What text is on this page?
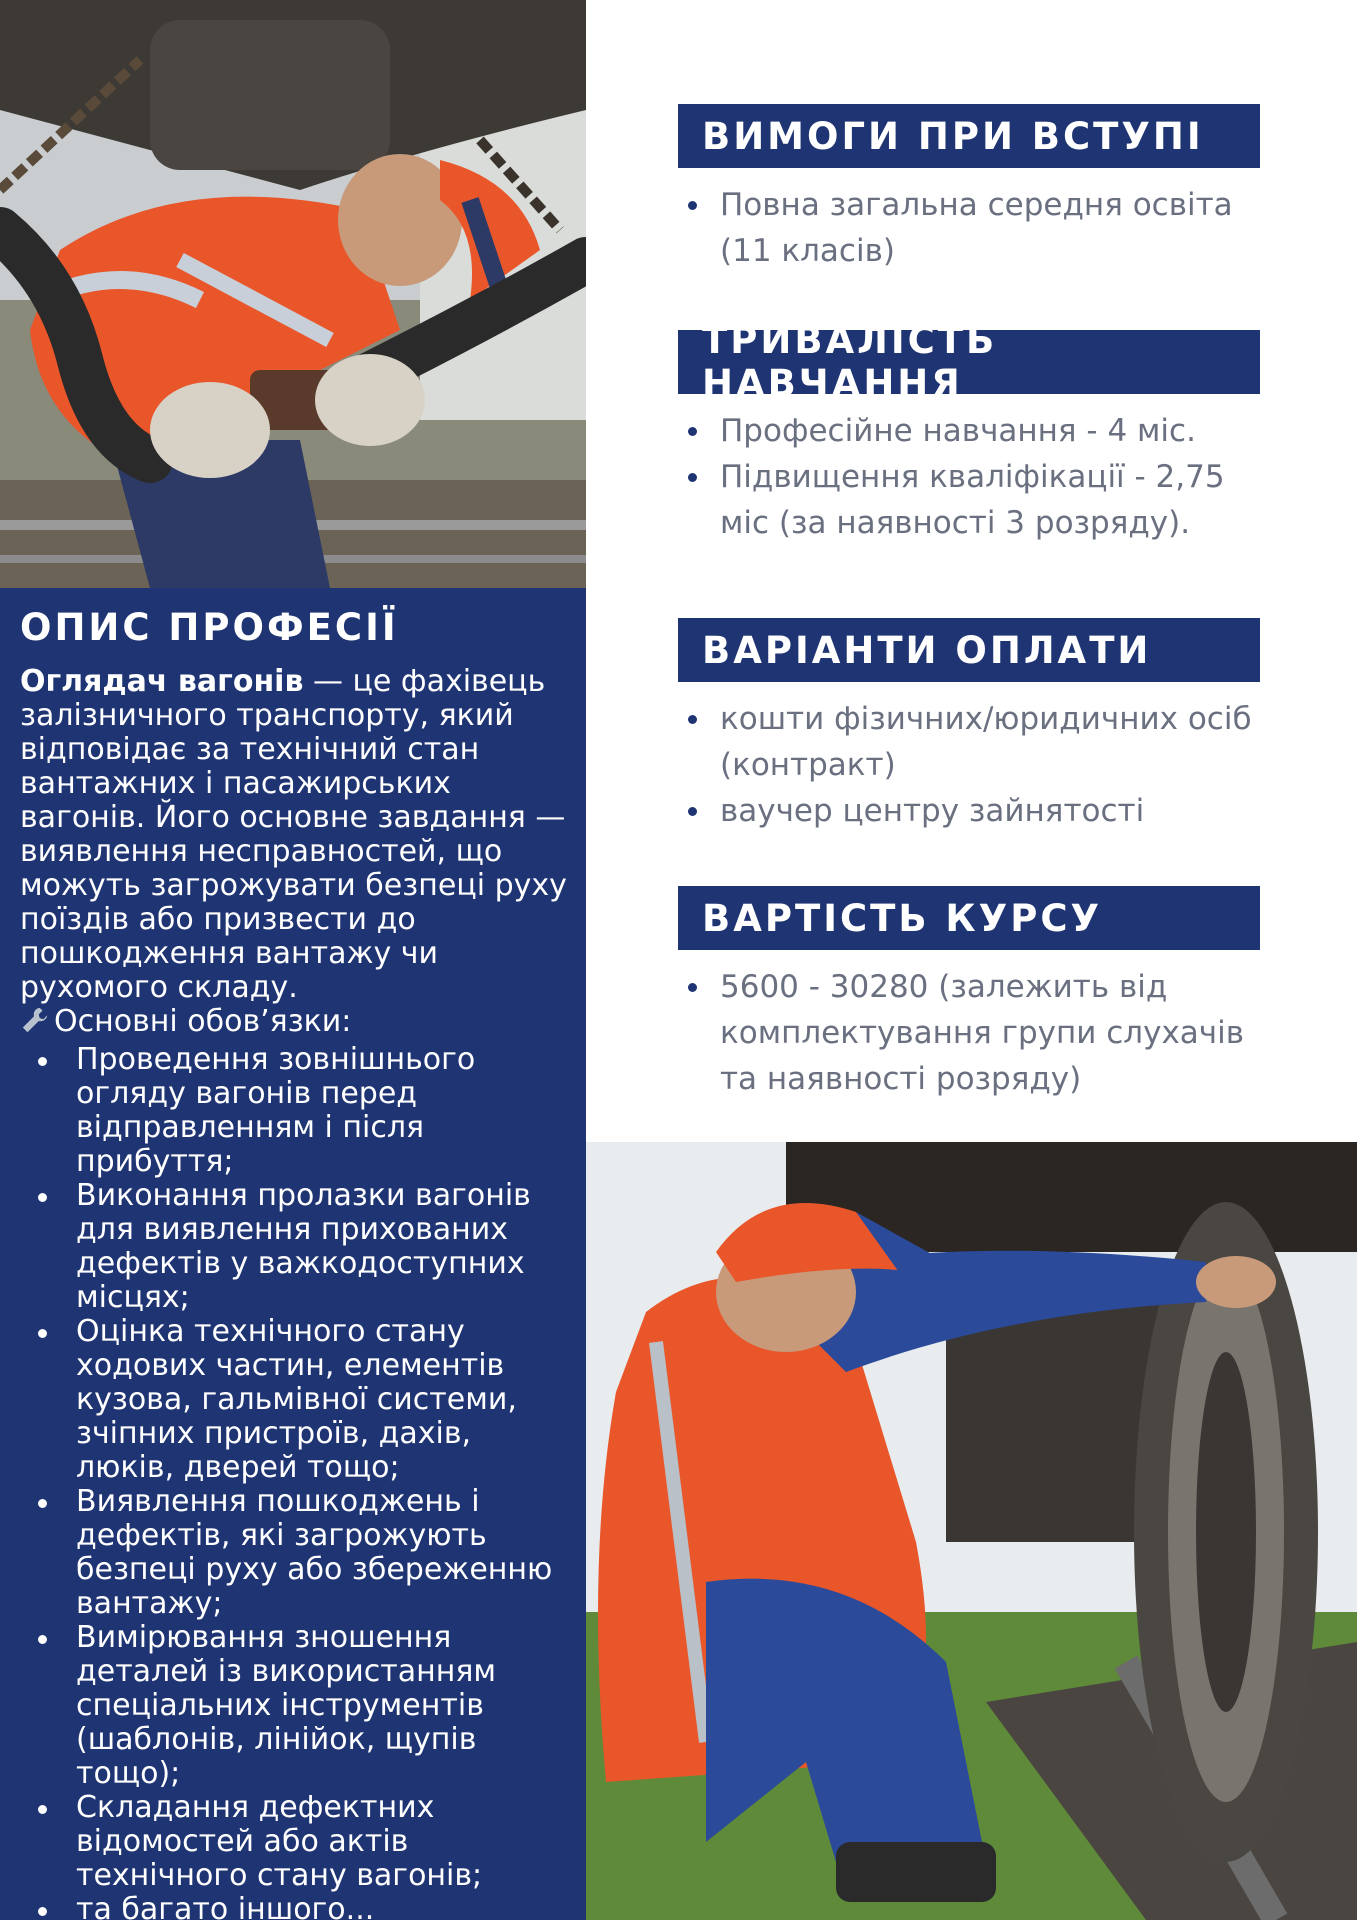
ОПИС ПРОФЕСІЇ

Оглядач вагонів — це фахівець залізничного транспорту, який відповідає за технічний стан вантажних і пасажирських вагонів. Його основне завдання — виявлення несправностей, що можуть загрожувати безпеці руху поїздів або призвести до пошкодження вантажу чи рухомого складу.

Основні обов’язки:

Проведення зовнішнього огляду вагонів перед відправленням і після прибуття;
Виконання пролазки вагонів для виявлення прихованих дефектів у важкодоступних місцях;
Оцінка технічного стану ходових частин, елементів кузова, гальмівної системи, зчіпних пристроїв, дахів, люків, дверей тощо;
Виявлення пошкоджень і дефектів, які загрожують безпеці руху або збереженню вантажу;
Вимірювання зношення деталей із використанням спеціальних інструментів (шаблонів, лінійок, щупів тощо);
Складання дефектних відомостей або актів технічного стану вагонів;
та багато іншого...
ВИМОГИ ПРИ ВСТУПІ
Повна загальна середня освіта (11 класів)
ТРИВАЛІСТЬ НАВЧАННЯ
Професійне навчання - 4 міс.
Підвищення кваліфікації - 2,75 міс (за наявності 3 розряду).
ВАРІАНТИ ОПЛАТИ
кошти фізичних/юридичних осіб (контракт)
ваучер центру зайнятості
ВАРТІСТЬ КУРСУ
5600 - 30280 (залежить від комплектування групи слухачів та наявності розряду)
